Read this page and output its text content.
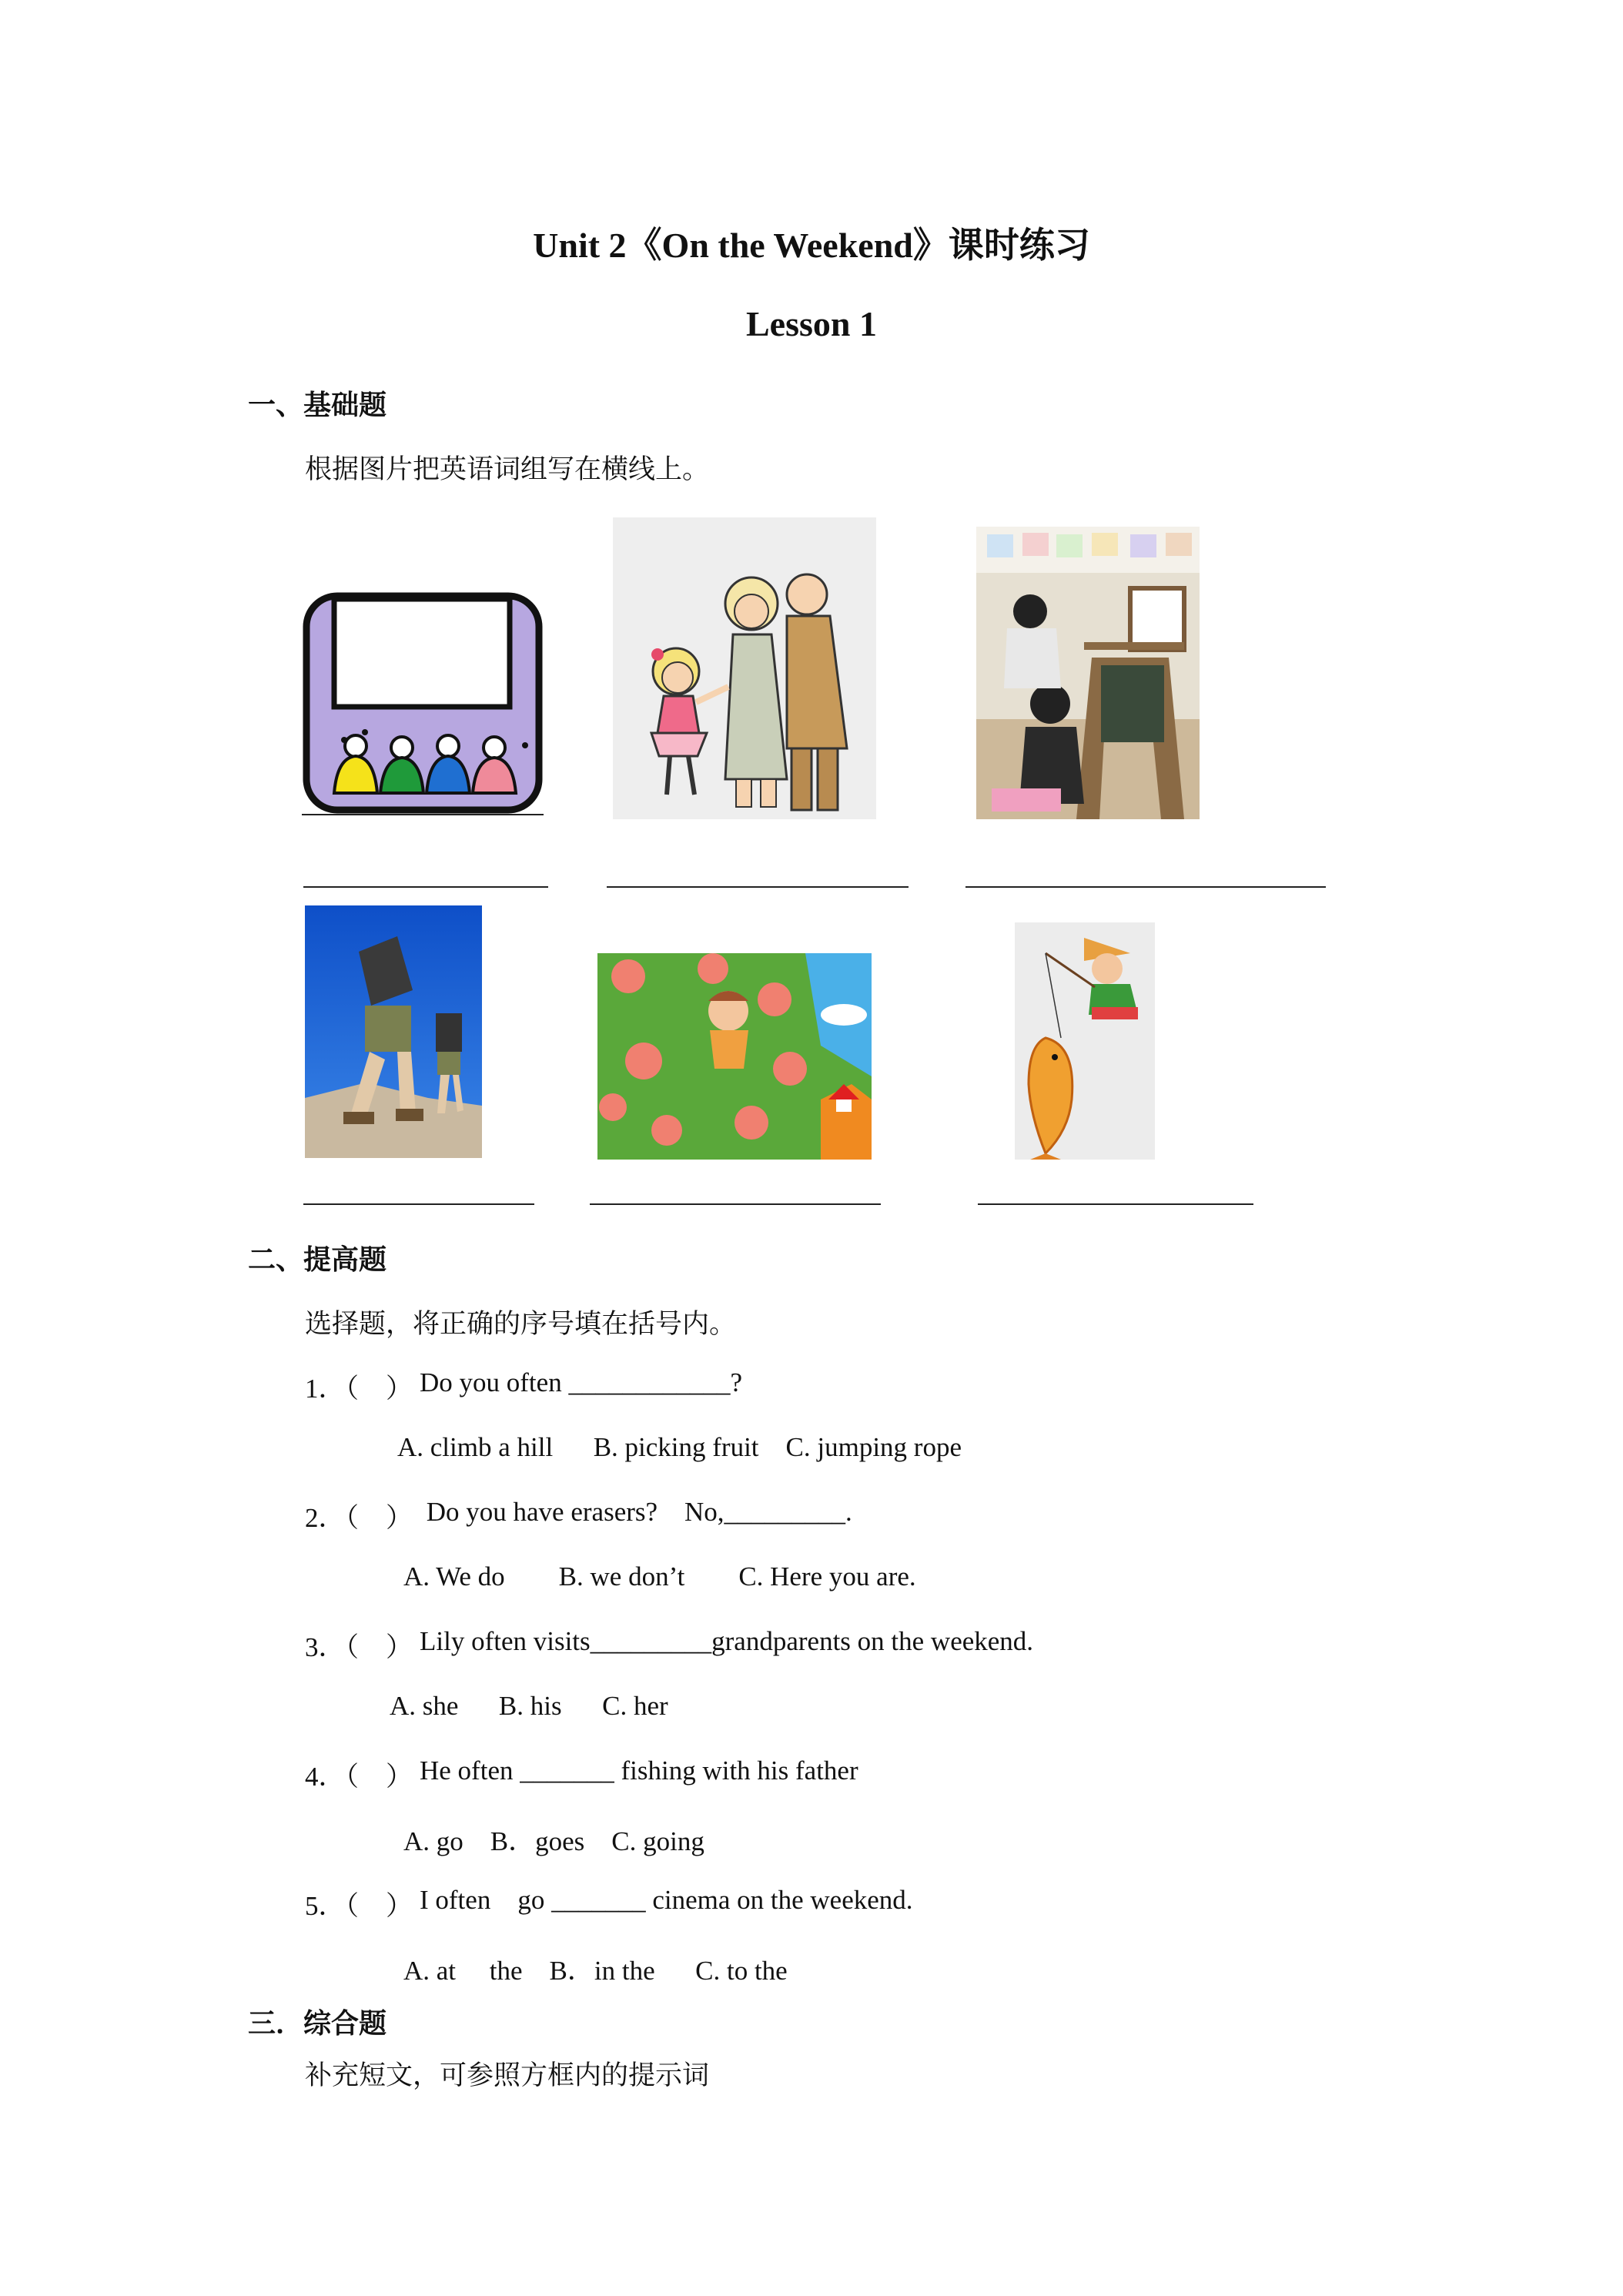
Unit 2《On the Weekend》课时练习
Lesson 1
一、基础题
根据图片把英语词组写在横线上。
二、提高题
选择题，将正确的序号填在括号内。
1．（　） Do you often ____________?
A. climb a hill      B. picking fruit    C. jumping rope
2．（　） Do you have erasers?    No,_________.
A. We do        B. we don’t        C. Here you are.
3．（　） Lily often visits_________grandparents on the weekend.
A. she      B. his      C. her
4．（　） He often _______ fishing with his father
A. go    B．goes    C. going
5．（　） I often    go _______ cinema on the weekend.
A. at     the    B．in the      C. to the
三．综合题
补充短文，可参照方框内的提示词
